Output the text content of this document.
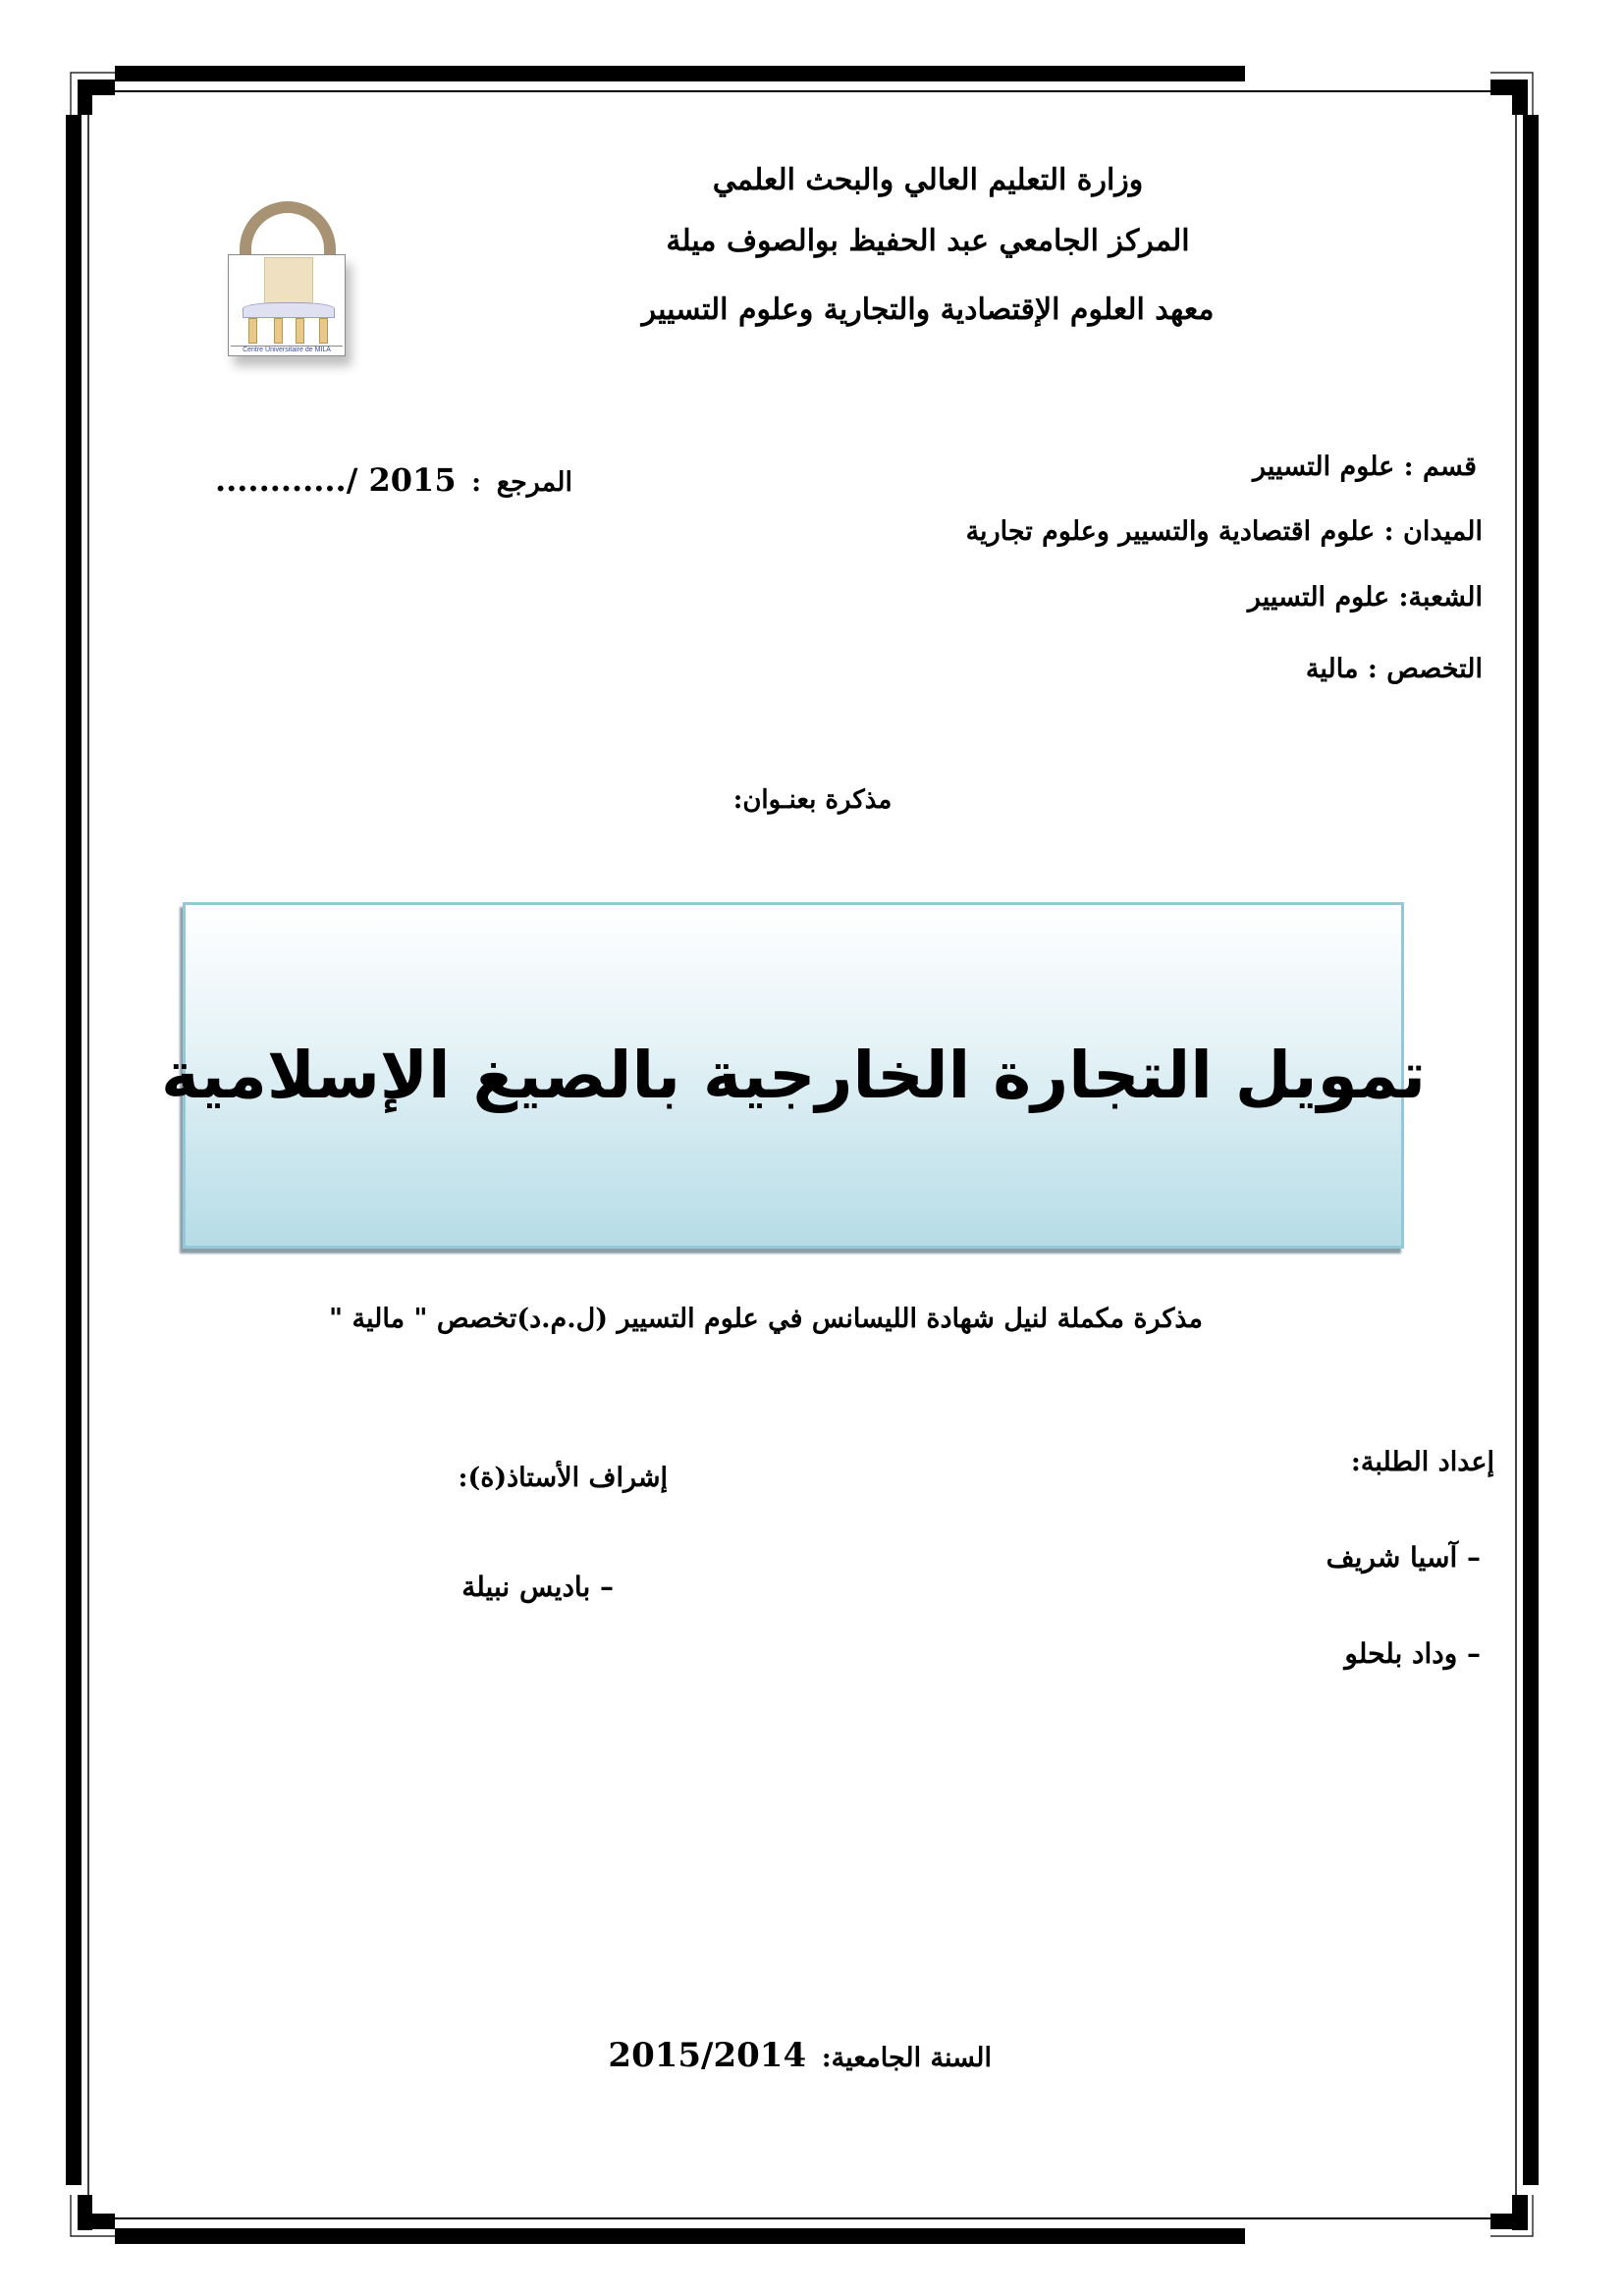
Centre Universitaire de MILA
وزارة التعليم العالي والبحث العلمي
المركز الجامعي عبد الحفيظ بوالصوف ميلة
معهد العلوم الإقتصادية والتجارية وعلوم التسيير
المرجع : ............/ 2015	قسم : علوم التسيير
الميدان : علوم اقتصادية والتسيير وعلوم تجارية
الشعبة: علوم التسيير
التخصص : مالية
مذكرة بعنـوان:
تمويل التجارة الخارجية بالصيغ الإسلامية
مذكرة مكملة لنيل شهادة الليسانس في علوم التسيير (ل.م.د)تخصص " مالية "
إعداد الطلبة:
– آسيا شريف
– وداد بلحلو
إشراف الأستاذ(ة):
– باديس نبيلة
السنة الجامعية: 2015/2014
